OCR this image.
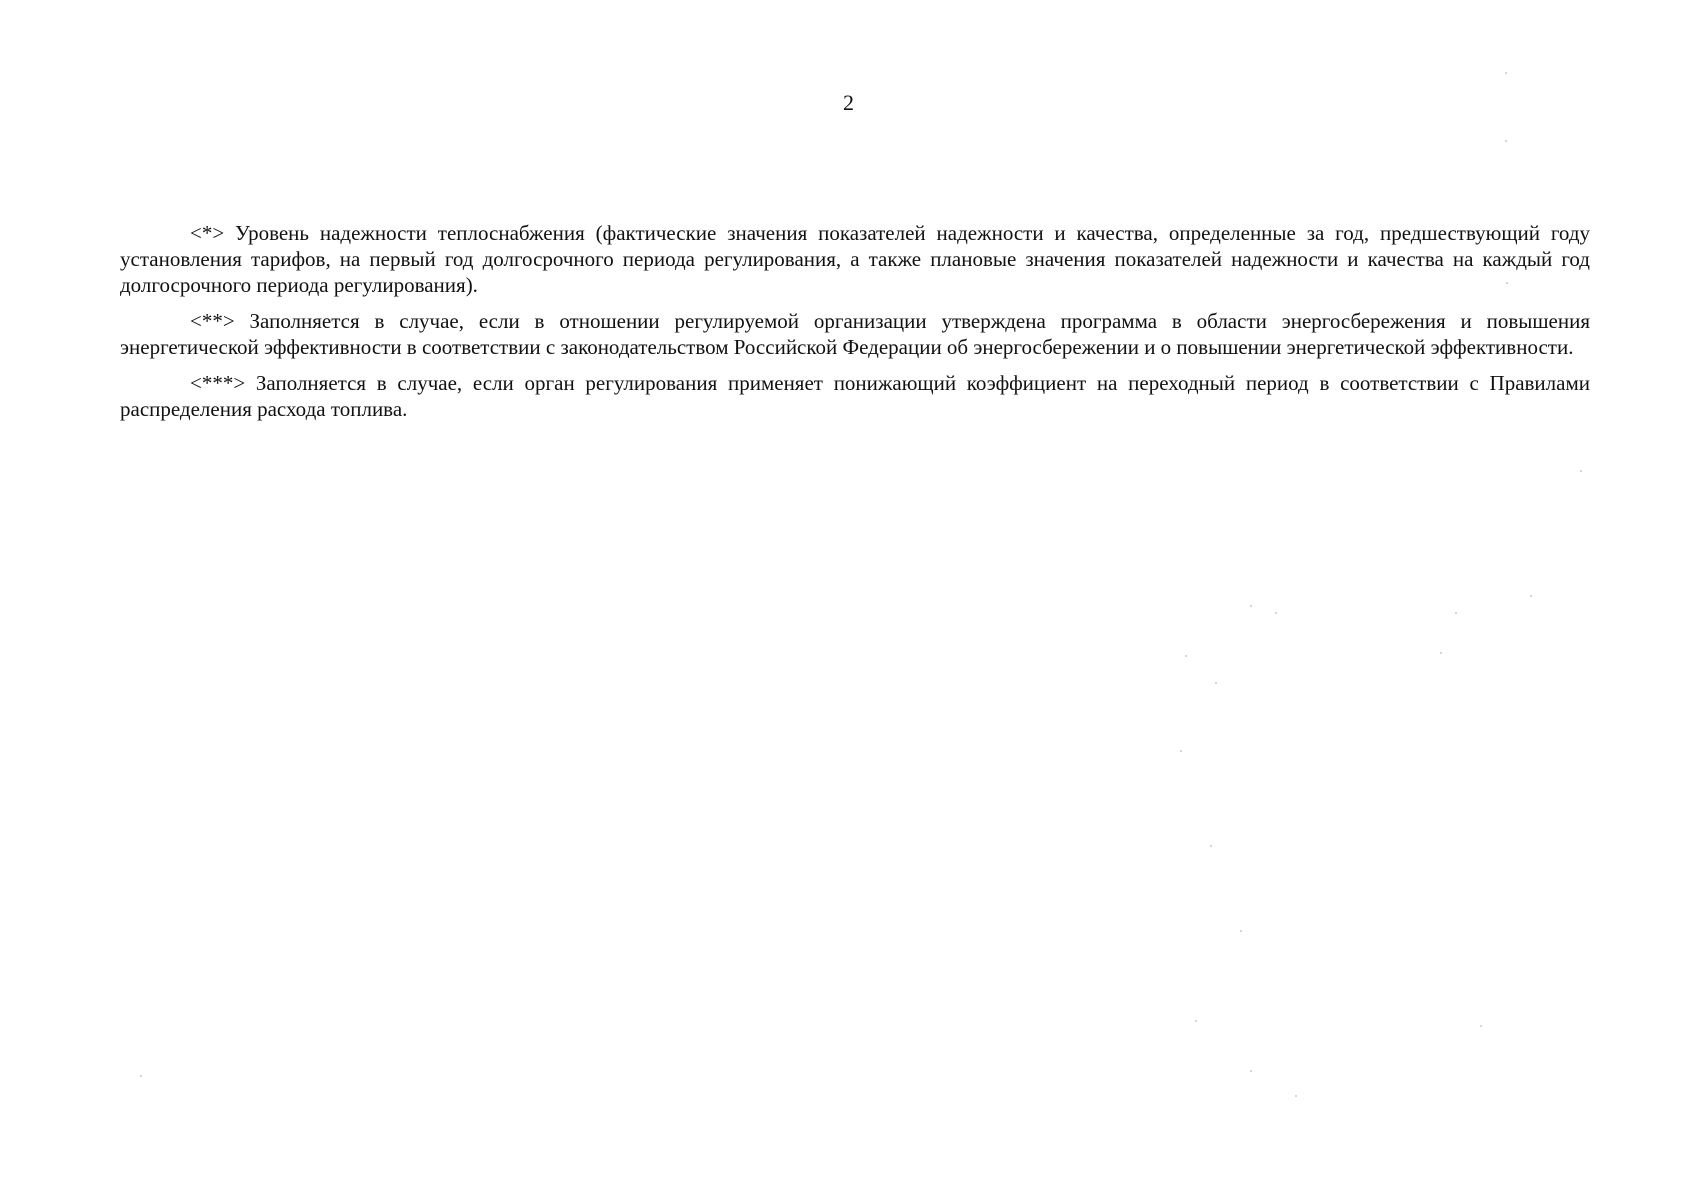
2

<*> Уровень надежности теплоснабжения (фактические значения показателей надежности и качества, определенные за год, предшествующий году установления тарифов, на первый год долгосрочного периода регулирования, а также плановые значения показателей надежности и качества на каждый год долгосрочного периода регулирования).

<**> Заполняется в случае, если в отношении регулируемой организации утверждена программа в области энергосбережения и повышения энергетической эффективности в соответствии с законодательством Российской Федерации об энергосбережении и о повышении энергетической эффективности.

<***> Заполняется в случае, если орган регулирования применяет понижающий коэффициент на переходный период в соответствии с Правилами распределения расхода топлива.
